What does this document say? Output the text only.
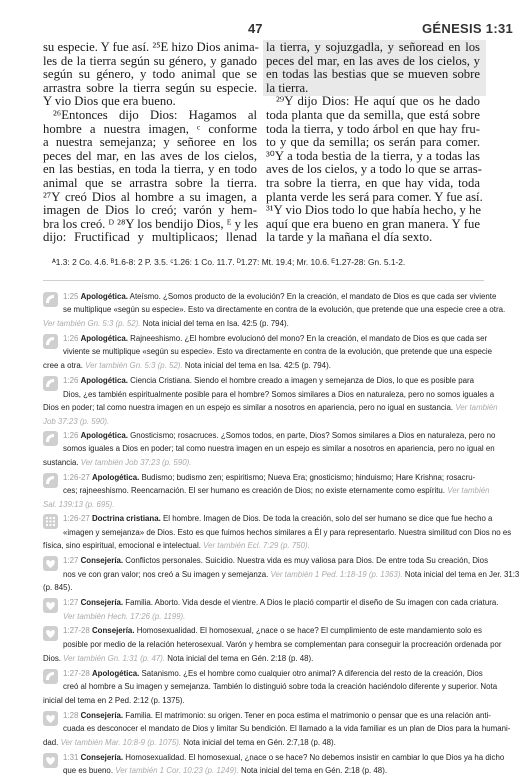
47	GÉNESIS 1:31
su especie. Y fue así. ²⁵E hizo Dios anima-
les de la tierra según su género, y ganado
según su género, y todo animal que se
arrastra sobre la tierra según su especie.
Y vio Dios que era bueno.
²⁶Entonces dijo Dios: Hagamos al
hombre a nuestra imagen, ᶜ conforme
a nuestra semejanza; y señoree en los
peces del mar, en las aves de los cielos,
en las bestias, en toda la tierra, y en todo
animal que se arrastra sobre la tierra.
²⁷Y creó Dios al hombre a su imagen, a
imagen de Dios lo creó; varón y hem-
bra los creó. ᴰ ²⁸Y los bendijo Dios, ᴱ y les
dijo: Fructificad y multiplicaos; llenad
la tierra, y sojuzgadla, y señoread en los
peces del mar, en las aves de los cielos, y
en todas las bestias que se mueven sobre
la tierra.
²⁹Y dijo Dios: He aquí que os he dado
toda planta que da semilla, que está sobre
toda la tierra, y todo árbol en que hay fru-
to y que da semilla; os serán para comer.
³⁰Y a toda bestia de la tierra, y a todas las
aves de los cielos, y a todo lo que se arras-
tra sobre la tierra, en que hay vida, toda
planta verde les será para comer. Y fue así.
³¹Y vio Dios todo lo que había hecho, y he
aquí que era bueno en gran manera. Y fue
la tarde y la mañana el día sexto.
ᴬ1.3: 2 Co. 4.6. ᴮ1.6-8: 2 P. 3.5. ᶜ1.26: 1 Co. 11.7. ᴰ1.27: Mt. 19.4; Mr. 10.6. ᴱ1.27-28: Gn. 5.1-2.
1:25 Apologética. Ateísmo. ¿Somos producto de la evolución? En la creación, el mandato de Dios es que cada ser viviente
se multiplique «según su especie». Esto va directamente en contra de la evolución, que pretende que una especie cree a otra.
Ver también Gn. 5:3 (p. 52). Nota inicial del tema en Isa. 42:5 (p. 794).
1:26 Apologética. Rajneeshismo. ¿El hombre evolucionó del mono? En la creación, el mandato de Dios es que cada ser
viviente se multiplique «según su especie». Esto va directamente en contra de la evolución, que pretende que una especie
cree a otra. Ver también Gn. 5:3 (p. 52). Nota inicial del tema en Isa. 42:5 (p. 794).
1:26 Apologética. Ciencia Cristiana. Siendo el hombre creado a imagen y semejanza de Dios, lo que es posible para
Dios, ¿es también espiritualmente posible para el hombre? Somos similares a Dios en naturaleza, pero no somos iguales a
Dios en poder; tal como nuestra imagen en un espejo es similar a nosotros en apariencia, pero no igual en sustancia. Ver también
Job 37:23 (p. 590).
1:26 Apologética. Gnosticismo; rosacruces. ¿Somos todos, en parte, Dios? Somos similares a Dios en naturaleza, pero no
somos iguales a Dios en poder; tal como nuestra imagen en un espejo es similar a nosotros en apariencia, pero no igual en
sustancia. Ver también Job 37:23 (p. 590).
1:26-27 Apologética. Budismo; budismo zen; espiritismo; Nueva Era; gnosticismo; hinduismo; Hare Krishna; rosacru-
ces; rajneeshismo. Reencarnación. El ser humano es creación de Dios; no existe eternamente como espíritu. Ver también
Sal. 139:13 (p. 695).
1:26-27 Doctrina cristiana. El hombre. Imagen de Dios. De toda la creación, solo del ser humano se dice que fue hecho a
«imagen y semejanza» de Dios. Esto es que fuimos hechos similares a Él y para representarlo. Nuestra similitud con Dios no es
física, sino espiritual, emocional e intelectual. Ver también Ecl. 7:29 (p. 750).
1:27 Consejería. Conflictos personales. Suicidio. Nuestra vida es muy valiosa para Dios. De entre toda Su creación, Dios
nos ve con gran valor; nos creó a Su imagen y semejanza. Ver también 1 Ped. 1:18-19 (p. 1363). Nota inicial del tema en Jer. 31:3
(p. 845).
1:27 Consejería. Familia. Aborto. Vida desde el vientre. A Dios le plació compartir el diseño de Su imagen con cada criatura.
Ver también Hech. 17:26 (p. 1199).
1:27-28 Consejería. Homosexualidad. El homosexual, ¿nace o se hace? El cumplimiento de este mandamiento solo es
posible por medio de la relación heterosexual. Varón y hembra se complementan para conseguir la procreación ordenada por
Dios. Ver también Gn. 1:31 (p. 47). Nota inicial del tema en Gén. 2:18 (p. 48).
1:27-28 Apologética. Satanismo. ¿Es el hombre como cualquier otro animal? A diferencia del resto de la creación, Dios
creó al hombre a Su imagen y semejanza. También lo distinguió sobre toda la creación haciéndolo diferente y superior. Nota
inicial del tema en 2 Ped. 2:12 (p. 1375).
1:28 Consejería. Familia. El matrimonio: su origen. Tener en poca estima el matrimonio o pensar que es una relación anti-
cuada es desconocer el mandato de Dios y limitar Su bendición. El llamado a la vida familiar es un plan de Dios para la humani-
dad. Ver también Mar. 10:8-9 (p. 1075). Nota inicial del tema en Gén. 2:7,18 (p. 48).
1:31 Consejería. Homosexualidad. El homosexual, ¿nace o se hace? No debemos insistir en cambiar lo que Dios ya ha dicho
que es bueno. Ver también 1 Cor. 10:23 (p. 1249). Nota inicial del tema en Gén. 2:18 (p. 48).
